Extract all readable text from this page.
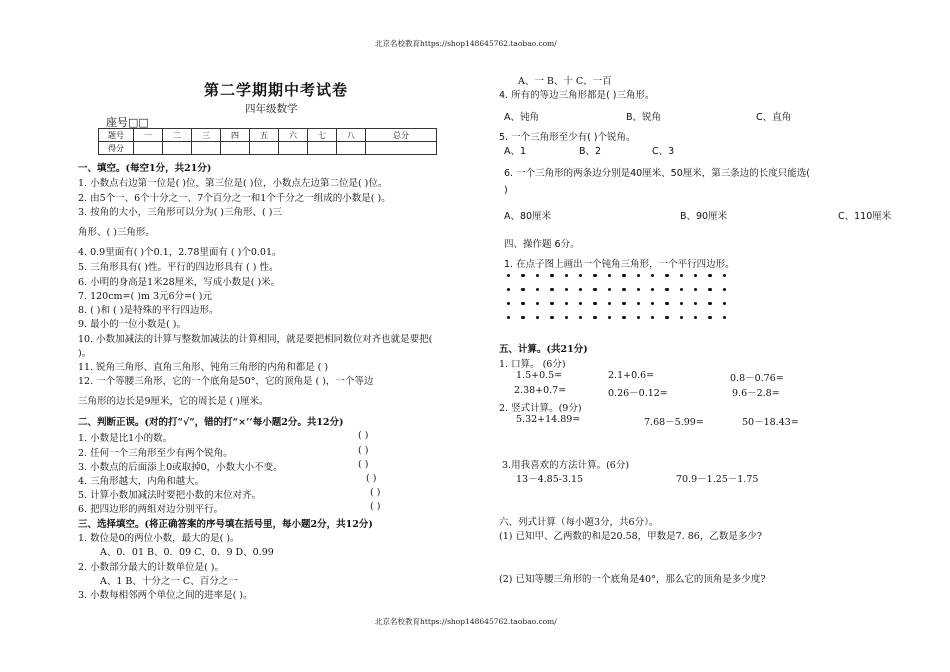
北京名校教育https://shop148645762.taobao.com/
北京名校教育https://shop148645762.taobao.com/
第二学期期中考试卷
四年级数学
座号□□
题号	一	二	三	四	五	六	七	八	总分
得分									
一、填空。(每空1分，共21分)
1. 小数点右边第一位是( )位，第三位是( )位，小数点左边第二位是( )位。
2. 由5个一、6个十分之一、7个百分之一和1个千分之一组成的小数是( )。
3. 按角的大小，三角形可以分为( )三角形、( )三
角形、( )三角形。
4. 0.9里面有( )个0.1，2.78里面有 ( )个0.01。
5. 三角形具有( )性。平行的四边形具有 ( ) 性。
6. 小明的身高是1米28厘米，写成小数是( )米。
7. 120cm=( )m 3元6分=( )元
8. ( )和 ( )是特殊的平行四边形。
9. 最小的一位小数是( )。
10. 小数加减法的计算与整数加减法的计算相同，就是要把相同数位对齐也就是要把(
)。
11. 锐角三角形、直角三角形、钝角三角形的内角和都是 ( )
12. 一个等腰三角形，它的一个底角是50°，它的顶角是 ( )，一个等边
三角形的边长是9厘米，它的周长是 ( )厘米。
二、判断正误。(对的打“√”，错的打“×’’每小题2分。共12分)
1. 小数是比1小的数。	( )
2. 任何一个三角形至少有两个锐角。	( )
3. 小数点的后面添上0或取掉0，小数大小不变。	( )
4. 三角形越大，内角和越大。	( )
5. 计算小数加减法时要把小数的末位对齐。	( )
6. 把四边形的两组对边分别平行。	( )
三、选择填空。(将正确答案的序号填在括号里，每小题2分，共12分)
1. 数位是0的两位小数，最大的是( )。
A、0．01 B、0．09 C、0．9 D、0.99
2. 小数部分最大的计数单位是( )。
A、1 B、十分之一 C、百分之一
3. 小数每相邻两个单位之间的进率是( )。
A、一 B、十 C、一百
4. 所有的等边三角形都是( )三角形。
A、钝角	B、锐角	C、直角
5. 一个三角形至少有( )个锐角。
A、1	B、2	C、3
6. 一个三角形的两条边分别是40厘米、50厘米，第三条边的长度只能选(
)
A、80厘米	B、90厘米	C、110厘米
四、操作题 6分。
1. 在点子图上画出一个钝角三角形，一个平行四边形。
五、计算。(共21分)
1. 口算。 (6分)
1.5+0.5=	2.1+0.6=	0.8－0.76=
2.38+0.7=	0.26－0.12=	9.6－2.8=
2. 竖式计算。(9分)
5.32+14.89=	7.68－5.99=	50－18.43=
3.用我喜欢的方法计算。(6分)
13－4.85-3.15	70.9－1.25－1.75
六、列式计算（每小题3分，共6分）。
(1) 已知甲、乙两数的和是20.58，甲数是7. 86，乙数是多少?
(2) 已知等腰三角形的一个底角是40°，那么它的顶角是多少度?
